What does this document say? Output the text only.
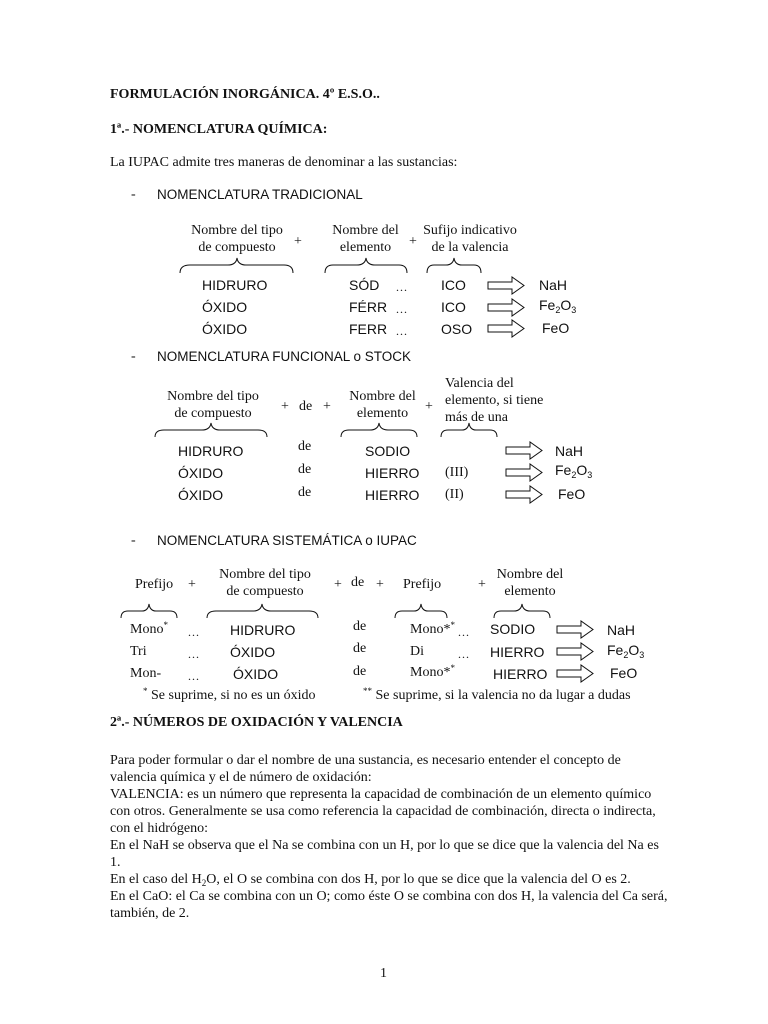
FORMULACIÓN INORGÁNICA. 4º E.S.O..
1ª.- NOMENCLATURA QUÍMICA:
La IUPAC admite tres maneras de denominar a las sustancias:
- NOMENCLATURA TRADICIONAL
Nombre del tipo
de compuesto	+
Nombre del
elemento	+
Sufijo indicativo
de la valencia
HIDRURO	SÓD ... ICO	NaH
ÓXIDO	FÉRR ... ICO	$Fe_2O_3$
ÓXIDO	FERR ... OSO	FeO
- NOMENCLATURA FUNCIONAL o STOCK
Nombre del tipo
de compuesto	+ de +
Nombre del
elemento	+
Valencia del
elemento, si tiene
más de una
HIDRURO	de	SODIO	NaH
ÓXIDO	de	HIERRO (III)	$Fe_2O_3$
ÓXIDO	de	HIERRO (II)	FeO
- NOMENCLATURA SISTEMÁTICA o IUPAC
Prefijo +
Nombre del tipo
de compuesto	+ de + Prefijo	+
Nombre del
elemento
Mono* ... HIDRURO	de	Mono** ... SODIO	NaH
Tri	... ÓXIDO	de	Di	... HIERRO	$Fe_2O_3$
Mon- ... ÓXIDO	de	Mono**	HIERRO	FeO
* Se suprime, si no es un óxido	** Se suprime, si la valencia no da lugar a dudas
2ª.- NÚMEROS DE OXIDACIÓN Y VALENCIA

Para poder formular o dar el nombre de una sustancia, es necesario entender el concepto de valencia química y el de número de oxidación:

VALENCIA: es un número que representa la capacidad de combinación de un elemento químico con otros. Generalmente se usa como referencia la capacidad de combinación, directa o indirecta, con el hidrógeno:

En el NaH se observa que el Na se combina con un H, por lo que se dice que la valencia del Na es 1.

En el caso del $H_2O$, el O se combina con dos H, por lo que se dice que la valencia del O es 2.

En el CaO: el Ca se combina con un O; como éste O se combina con dos H, la valencia del Ca será, también, de 2.

1
